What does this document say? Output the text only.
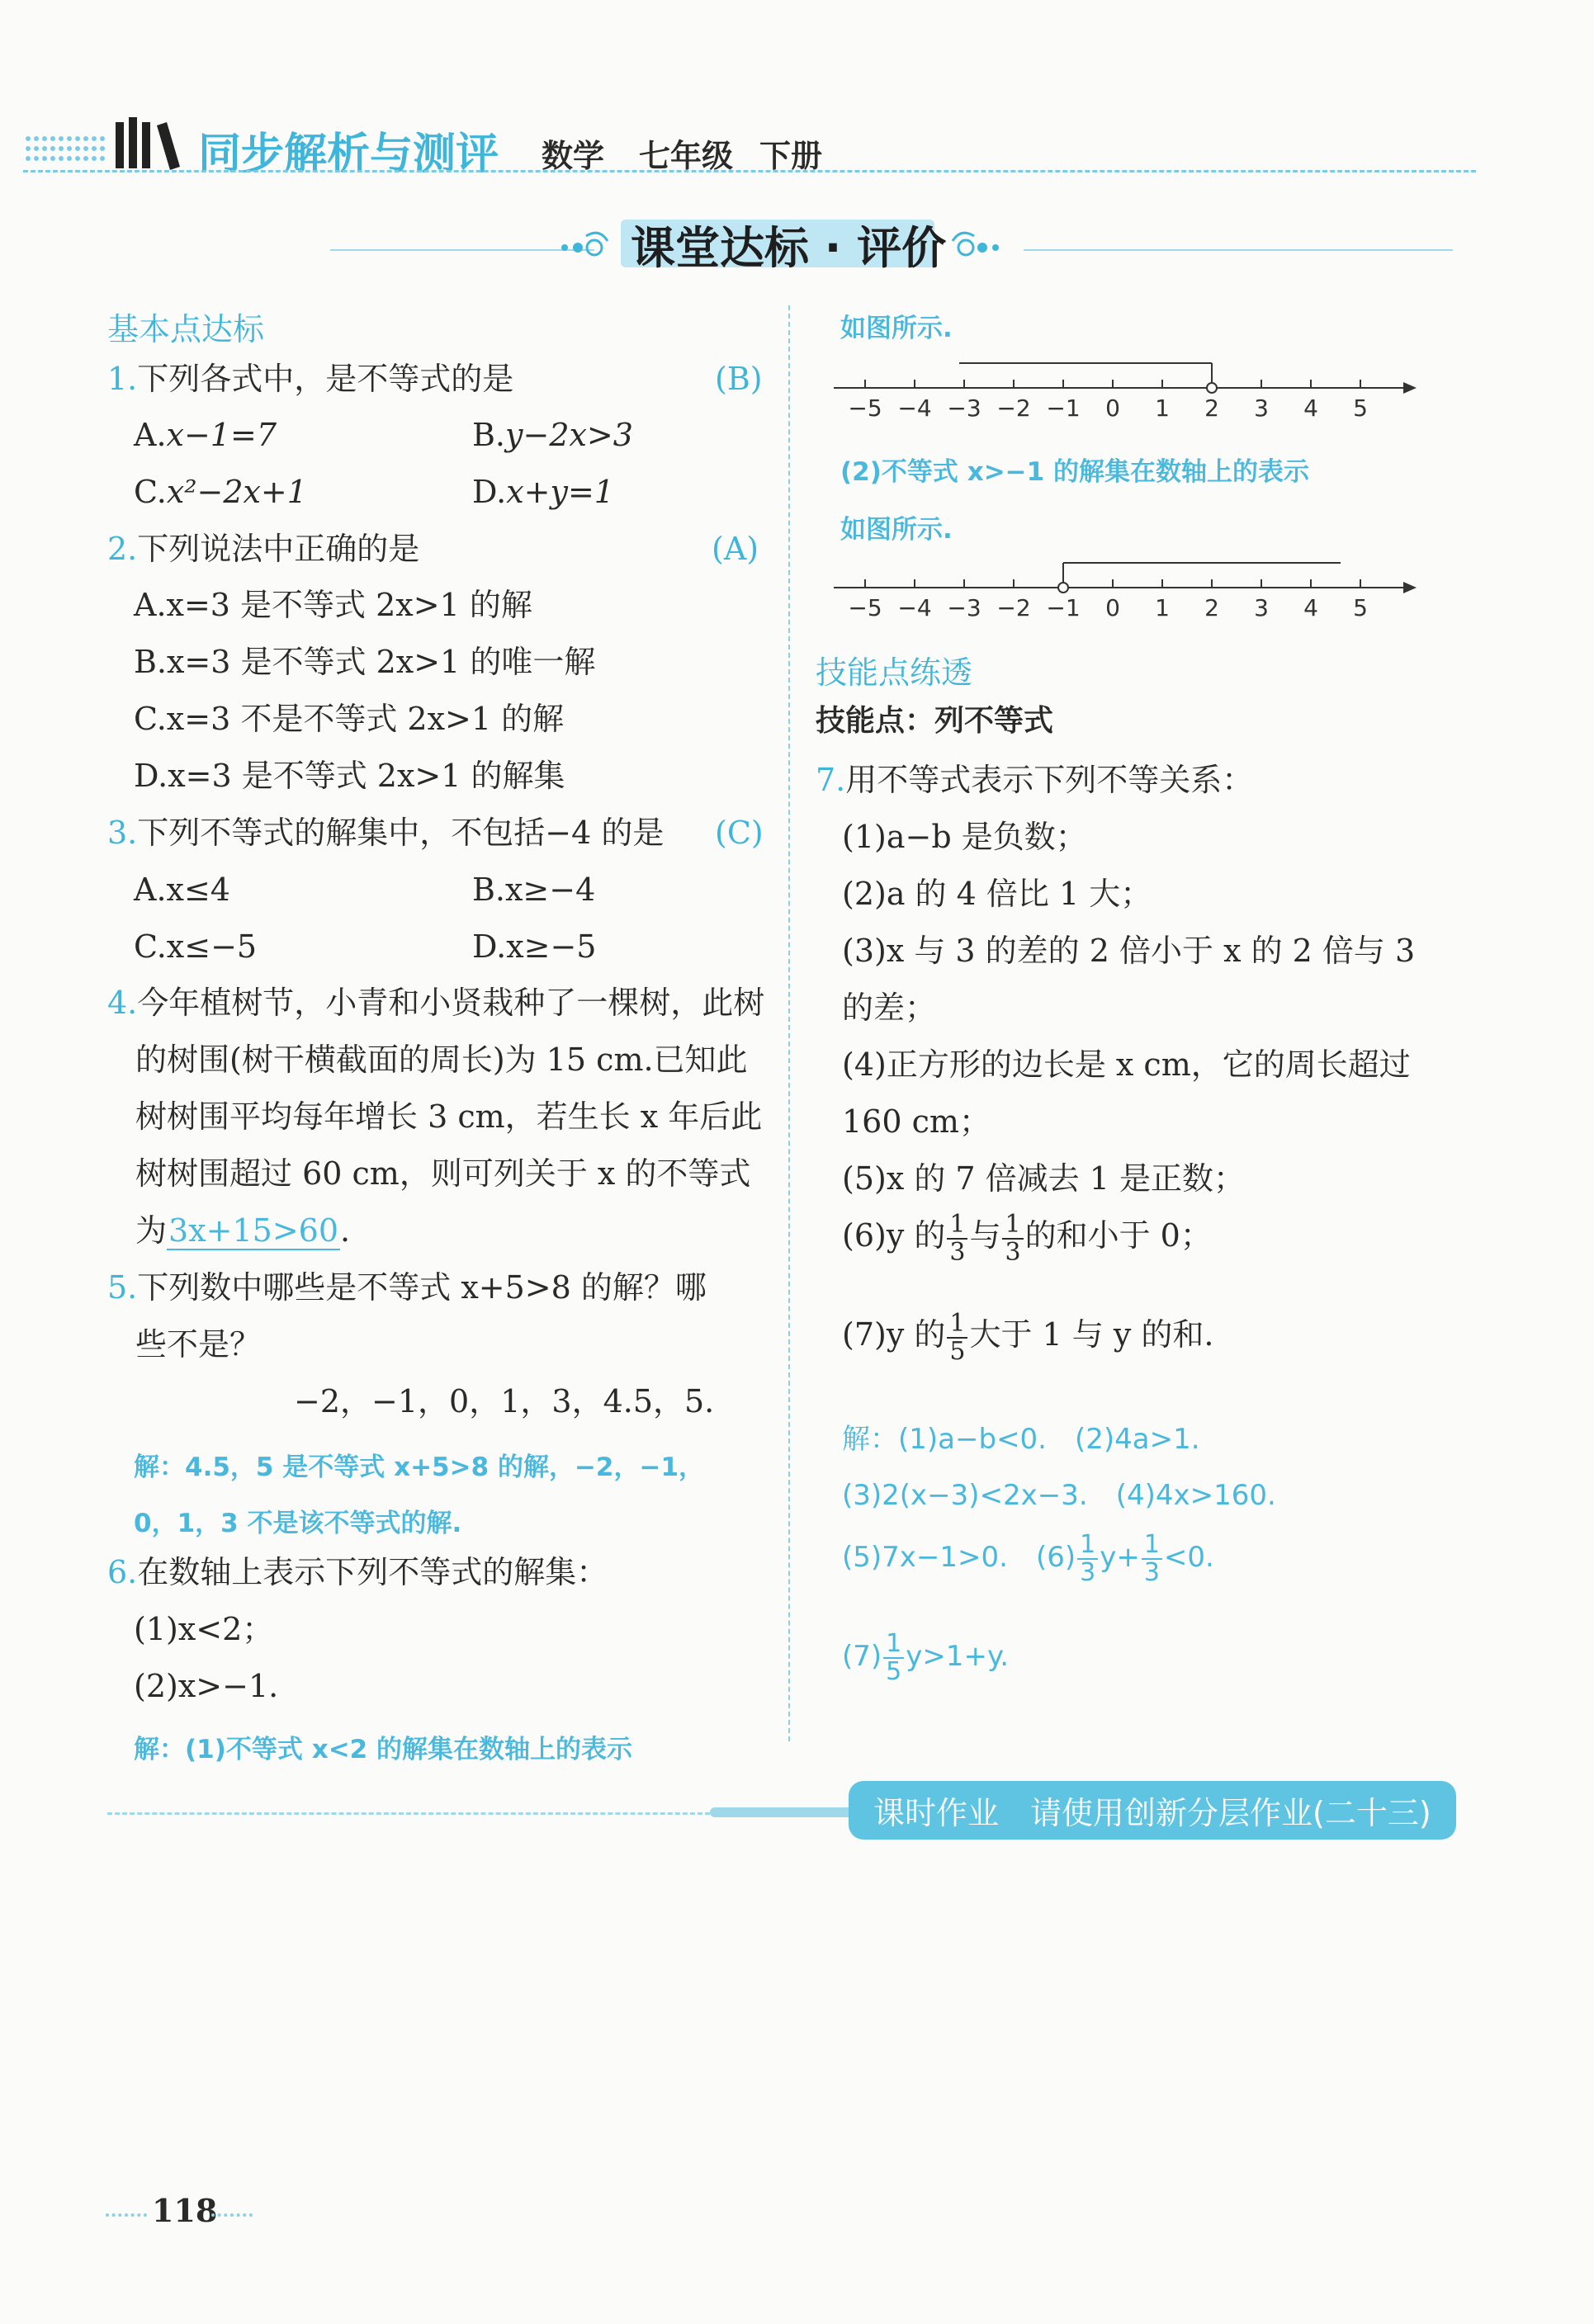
同步解析与测评 数学 七年级 下册
课堂达标 · 评价
基本点达标
1.下列各式中，是不等式的是	(B)
A.x−1=7	B.y−2x>3
C.x²−2x+1	D.x+y=1
2.下列说法中正确的是	(A)
A.x=3 是不等式 2x>1 的解
B.x=3 是不等式 2x>1 的唯一解
C.x=3 不是不等式 2x>1 的解
D.x=3 是不等式 2x>1 的解集
3.下列不等式的解集中，不包括−4 的是 (C)
A.x≤4	B.x≥−4
C.x≤−5	D.x≥−5
4.今年植树节，小青和小贤栽种了一棵树，此树
的树围(树干横截面的周长)为 15 cm.已知此
树树围平均每年增长 3 cm，若生长 x 年后此
树树围超过 60 cm，则可列关于 x 的不等式
为3x+15>60.
5.下列数中哪些是不等式 x+5>8 的解？哪
些不是？
−2，−1，0，1，3，4.5，5.
解：4.5，5 是不等式 x+5>8 的解，−2，−1，
0，1，3 不是该不等式的解.
6.在数轴上表示下列不等式的解集：
(1)x<2；
(2)x>−1.
解：(1)不等式 x<2 的解集在数轴上的表示
如图所示.
−5 −4 −3 −2 −1 0 1 2 3 4 5
(2)不等式 x>−1 的解集在数轴上的表示
如图所示.
−5 −4 −3 −2 −1 0 1 2 3 4 5
技能点练透
技能点：列不等式
7.用不等式表示下列不等关系：
(1)a−b 是负数；
(2)a 的 4 倍比 1 大；
(3)x 与 3 的差的 2 倍小于 x 的 2 倍与 3
的差；
(4)正方形的边长是 x cm，它的周长超过
160 cm；
(5)x 的 7 倍减去 1 是正数；
(6)y 的 $\frac{1}{3}$ 与 $\frac{1}{3}$ 的和小于 0；
(7)y 的 $\frac{1}{5}$ 大于 1 与 y 的和.
解：(1)a−b<0.　(2)4a>1.
(3)2(x−3)<2x−3.　(4)4x>160.
(5)7x−1>0.　$(6) \frac{1}{3} y+ \frac{1}{3} <0$.
$(7) \frac{1}{5} y>1+y$.
课时作业　请使用创新分层作业(二十三)
118
